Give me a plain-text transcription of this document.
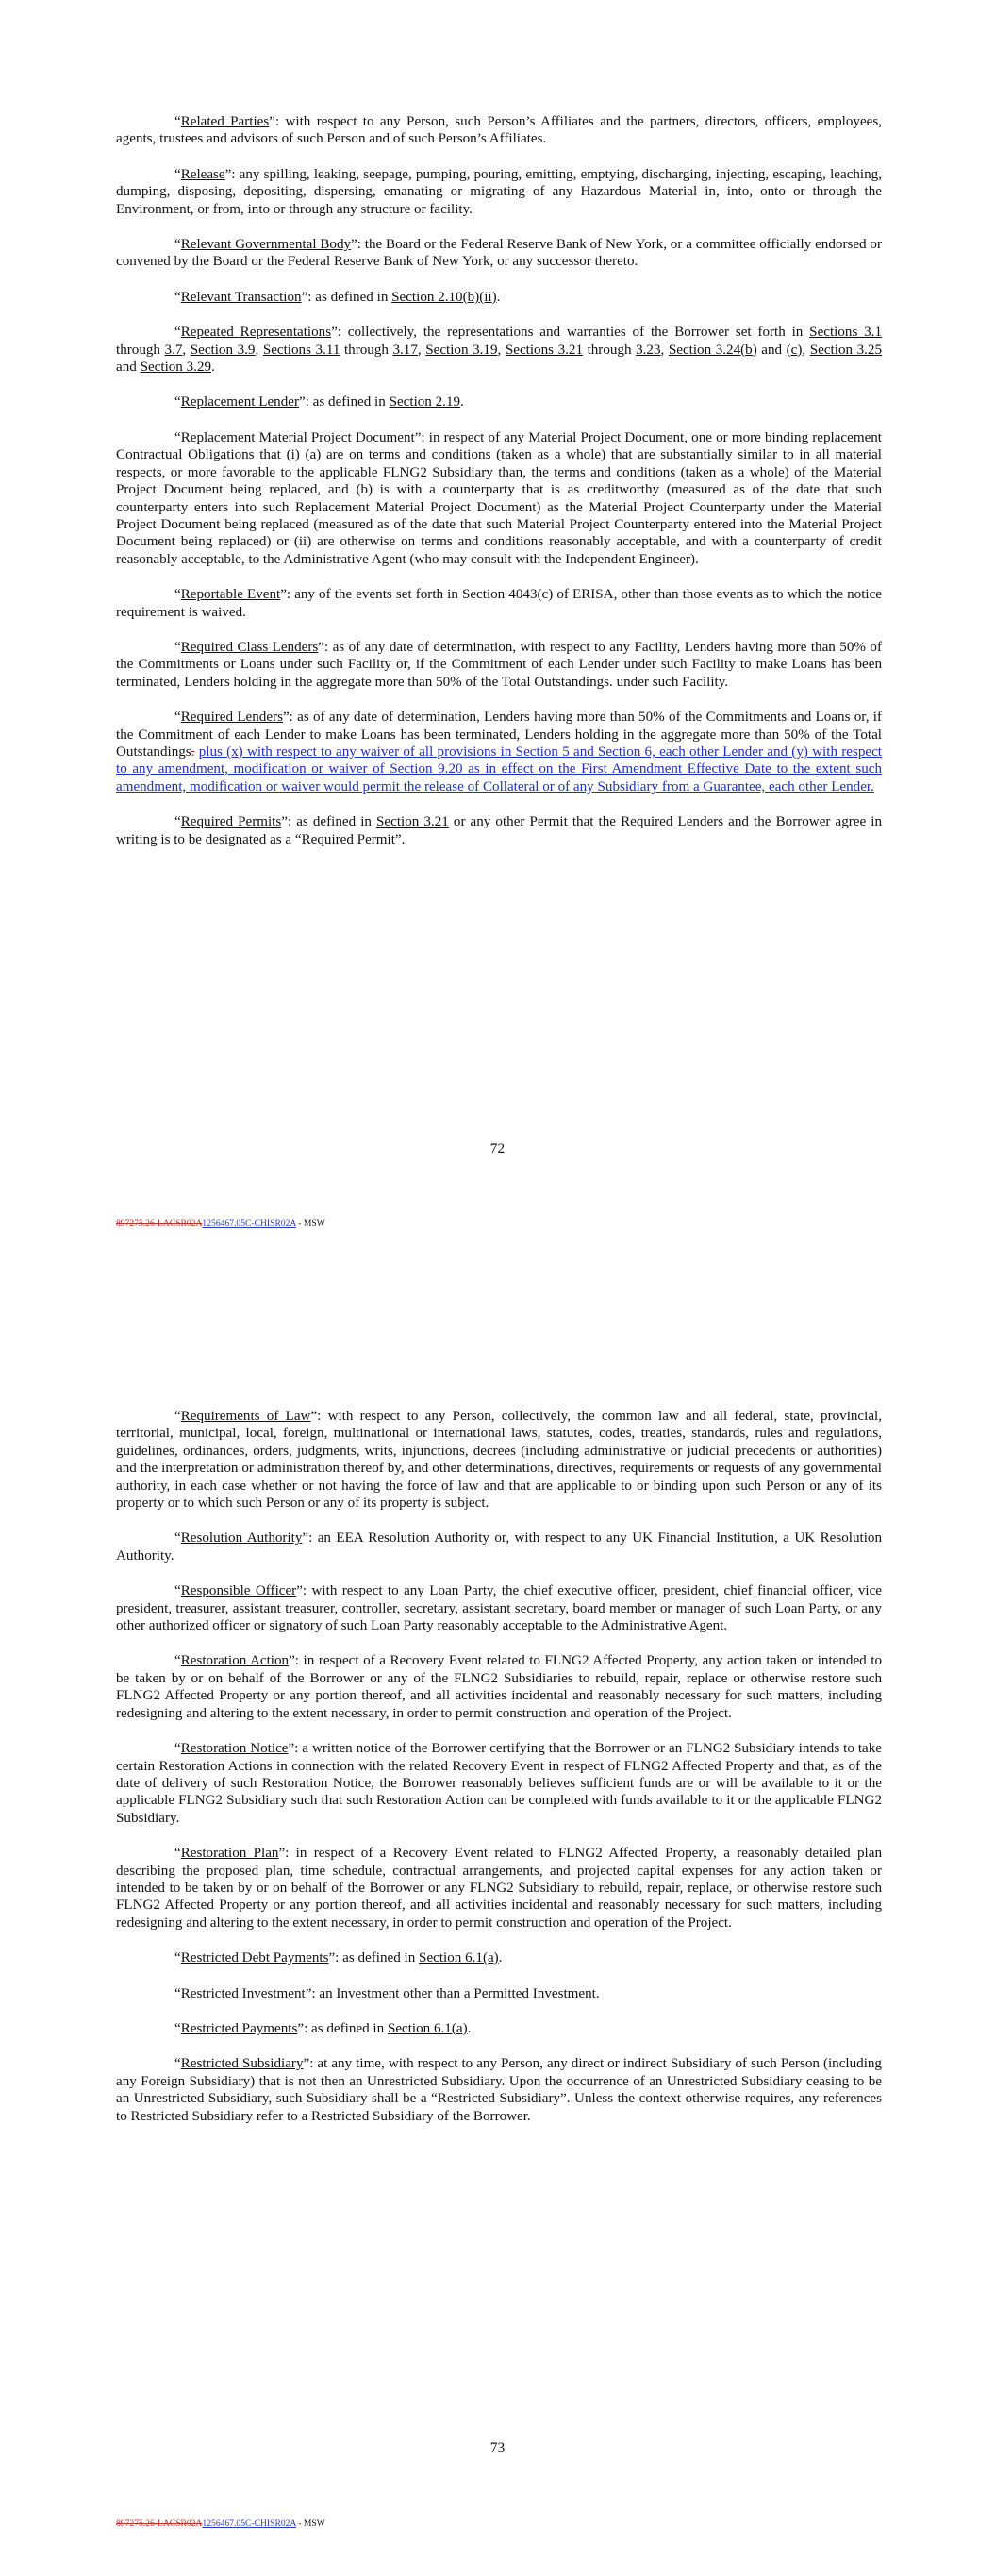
“Related Parties”: with respect to any Person, such Person’s Affiliates and the partners, directors, officers, employees, agents, trustees and advisors of such Person and of such Person’s Affiliates.

“Release”: any spilling, leaking, seepage, pumping, pouring, emitting, emptying, discharging, injecting, escaping, leaching, dumping, disposing, depositing, dispersing, emanating or migrating of any Hazardous Material in, into, onto or through the Environment, or from, into or through any structure or facility.

“Relevant Governmental Body”: the Board or the Federal Reserve Bank of New York, or a committee officially endorsed or convened by the Board or the Federal Reserve Bank of New York, or any successor thereto.

“Relevant Transaction”: as defined in Section 2.10(b)(ii).

“Repeated Representations”: collectively, the representations and warranties of the Borrower set forth in Sections 3.1 through 3.7, Section 3.9, Sections 3.11 through 3.17, Section 3.19, Sections 3.21 through 3.23, Section 3.24(b) and (c), Section 3.25 and Section 3.29.

“Replacement Lender”: as defined in Section 2.19.

“Replacement Material Project Document”: in respect of any Material Project Document, one or more binding replacement Contractual Obligations that (i) (a) are on terms and conditions (taken as a whole) that are substantially similar to in all material respects, or more favorable to the applicable FLNG2 Subsidiary than, the terms and conditions (taken as a whole) of the Material Project Document being replaced, and (b) is with a counterparty that is as creditworthy (measured as of the date that such counterparty enters into such Replacement Material Project Document) as the Material Project Counterparty under the Material Project Document being replaced (measured as of the date that such Material Project Counterparty entered into the Material Project Document being replaced) or (ii) are otherwise on terms and conditions reasonably acceptable, and with a counterparty of credit reasonably acceptable, to the Administrative Agent (who may consult with the Independent Engineer).

“Reportable Event”: any of the events set forth in Section 4043(c) of ERISA, other than those events as to which the notice requirement is waived.

“Required Class Lenders”: as of any date of determination, with respect to any Facility, Lenders having more than 50% of the Commitments or Loans under such Facility or, if the Commitment of each Lender under such Facility to make Loans has been terminated, Lenders holding in the aggregate more than 50% of the Total Outstandings. under such Facility.

“Required Lenders”: as of any date of determination, Lenders having more than 50% of the Commitments and Loans or, if the Commitment of each Lender to make Loans has been terminated, Lenders holding in the aggregate more than 50% of the Total Outstandings. plus (x) with respect to any waiver of all provisions in Section 5 and Section 6, each other Lender and (y) with respect to any amendment, modification or waiver of Section 9.20 as in effect on the First Amendment Effective Date to the extent such amendment, modification or waiver would permit the release of Collateral or of any Subsidiary from a Guarantee, each other Lender.

“Required Permits”: as defined in Section 3.21 or any other Permit that the Required Lenders and the Borrower agree in writing is to be designated as a “Required Permit”.

72
897275.26-LACSR02A1256467.05C-CHISR02A - MSW

“Requirements of Law”: with respect to any Person, collectively, the common law and all federal, state, provincial, territorial, municipal, local, foreign, multinational or international laws, statutes, codes, treaties, standards, rules and regulations, guidelines, ordinances, orders, judgments, writs, injunctions, decrees (including administrative or judicial precedents or authorities) and the interpretation or administration thereof by, and other determinations, directives, requirements or requests of any governmental authority, in each case whether or not having the force of law and that are applicable to or binding upon such Person or any of its property or to which such Person or any of its property is subject.

“Resolution Authority”: an EEA Resolution Authority or, with respect to any UK Financial Institution, a UK Resolution Authority.

“Responsible Officer”: with respect to any Loan Party, the chief executive officer, president, chief financial officer, vice president, treasurer, assistant treasurer, controller, secretary, assistant secretary, board member or manager of such Loan Party, or any other authorized officer or signatory of such Loan Party reasonably acceptable to the Administrative Agent.

“Restoration Action”: in respect of a Recovery Event related to FLNG2 Affected Property, any action taken or intended to be taken by or on behalf of the Borrower or any of the FLNG2 Subsidiaries to rebuild, repair, replace or otherwise restore such FLNG2 Affected Property or any portion thereof, and all activities incidental and reasonably necessary for such matters, including redesigning and altering to the extent necessary, in order to permit construction and operation of the Project.

“Restoration Notice”: a written notice of the Borrower certifying that the Borrower or an FLNG2 Subsidiary intends to take certain Restoration Actions in connection with the related Recovery Event in respect of FLNG2 Affected Property and that, as of the date of delivery of such Restoration Notice, the Borrower reasonably believes sufficient funds are or will be available to it or the applicable FLNG2 Subsidiary such that such Restoration Action can be completed with funds available to it or the applicable FLNG2 Subsidiary.

“Restoration Plan”: in respect of a Recovery Event related to FLNG2 Affected Property, a reasonably detailed plan describing the proposed plan, time schedule, contractual arrangements, and projected capital expenses for any action taken or intended to be taken by or on behalf of the Borrower or any FLNG2 Subsidiary to rebuild, repair, replace, or otherwise restore such FLNG2 Affected Property or any portion thereof, and all activities incidental and reasonably necessary for such matters, including redesigning and altering to the extent necessary, in order to permit construction and operation of the Project.

“Restricted Debt Payments”: as defined in Section 6.1(a).

“Restricted Investment”: an Investment other than a Permitted Investment.

“Restricted Payments”: as defined in Section 6.1(a).

“Restricted Subsidiary”: at any time, with respect to any Person, any direct or indirect Subsidiary of such Person (including any Foreign Subsidiary) that is not then an Unrestricted Subsidiary. Upon the occurrence of an Unrestricted Subsidiary ceasing to be an Unrestricted Subsidiary, such Subsidiary shall be a “Restricted Subsidiary”. Unless the context otherwise requires, any references to Restricted Subsidiary refer to a Restricted Subsidiary of the Borrower.

73
897275.26-LACSR02A1256467.05C-CHISR02A - MSW
